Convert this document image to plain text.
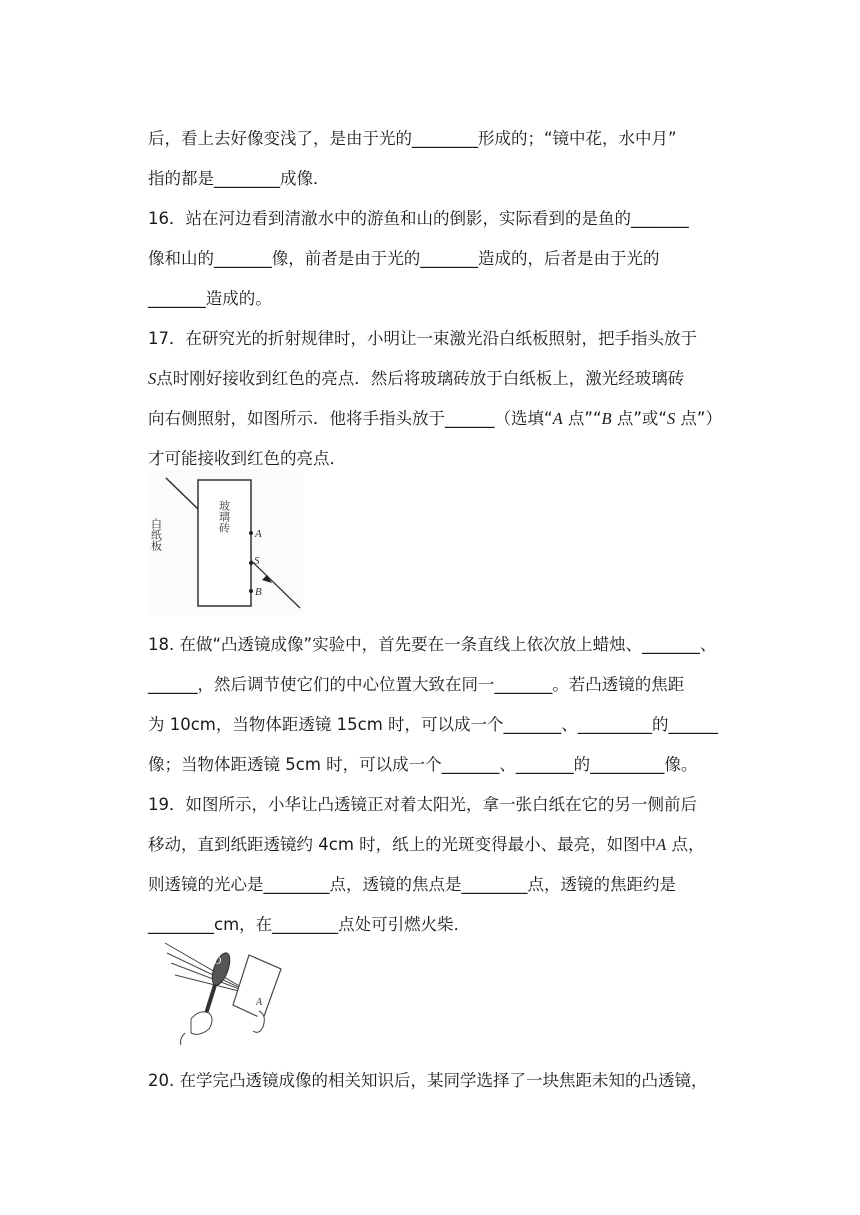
后，看上去好像变浅了，是由于光的________形成的；“镜中花，水中月”
指的都是________成像．
16．站在河边看到清澈水中的游鱼和山的倒影，实际看到的是鱼的_______
像和山的_______像，前者是由于光的_______造成的，后者是由于光的
_______造成的。
17．在研究光的折射规律时，小明让一束激光沿白纸板照射，把手指头放于
S点时刚好接收到红色的亮点．然后将玻璃砖放于白纸板上，激光经玻璃砖
向右侧照射，如图所示．他将手指头放于______（选填“A 点”“B 点”或“S 点”）
才可能接收到红色的亮点．
白纸板
玻璃砖
A
S
B
18. 在做“凸透镜成像”实验中，首先要在一条直线上依次放上蜡烛、_______、
______，然后调节使它们的中心位置大致在同一_______。若凸透镜的焦距
为 10cm，当物体距透镜 15cm 时，可以成一个_______、_________的______
像；当物体距透镜 5cm 时，可以成一个_______、_______的_________像。
19．如图所示，小华让凸透镜正对着太阳光，拿一张白纸在它的另一侧前后
移动，直到纸距透镜约 4cm 时，纸上的光斑变得最小、最亮，如图中A 点，
则透镜的光心是________点，透镜的焦点是________点，透镜的焦距约是
________cm，在________点处可引燃火柴．
O
A
20. 在学完凸透镜成像的相关知识后，某同学选择了一块焦距未知的凸透镜，
